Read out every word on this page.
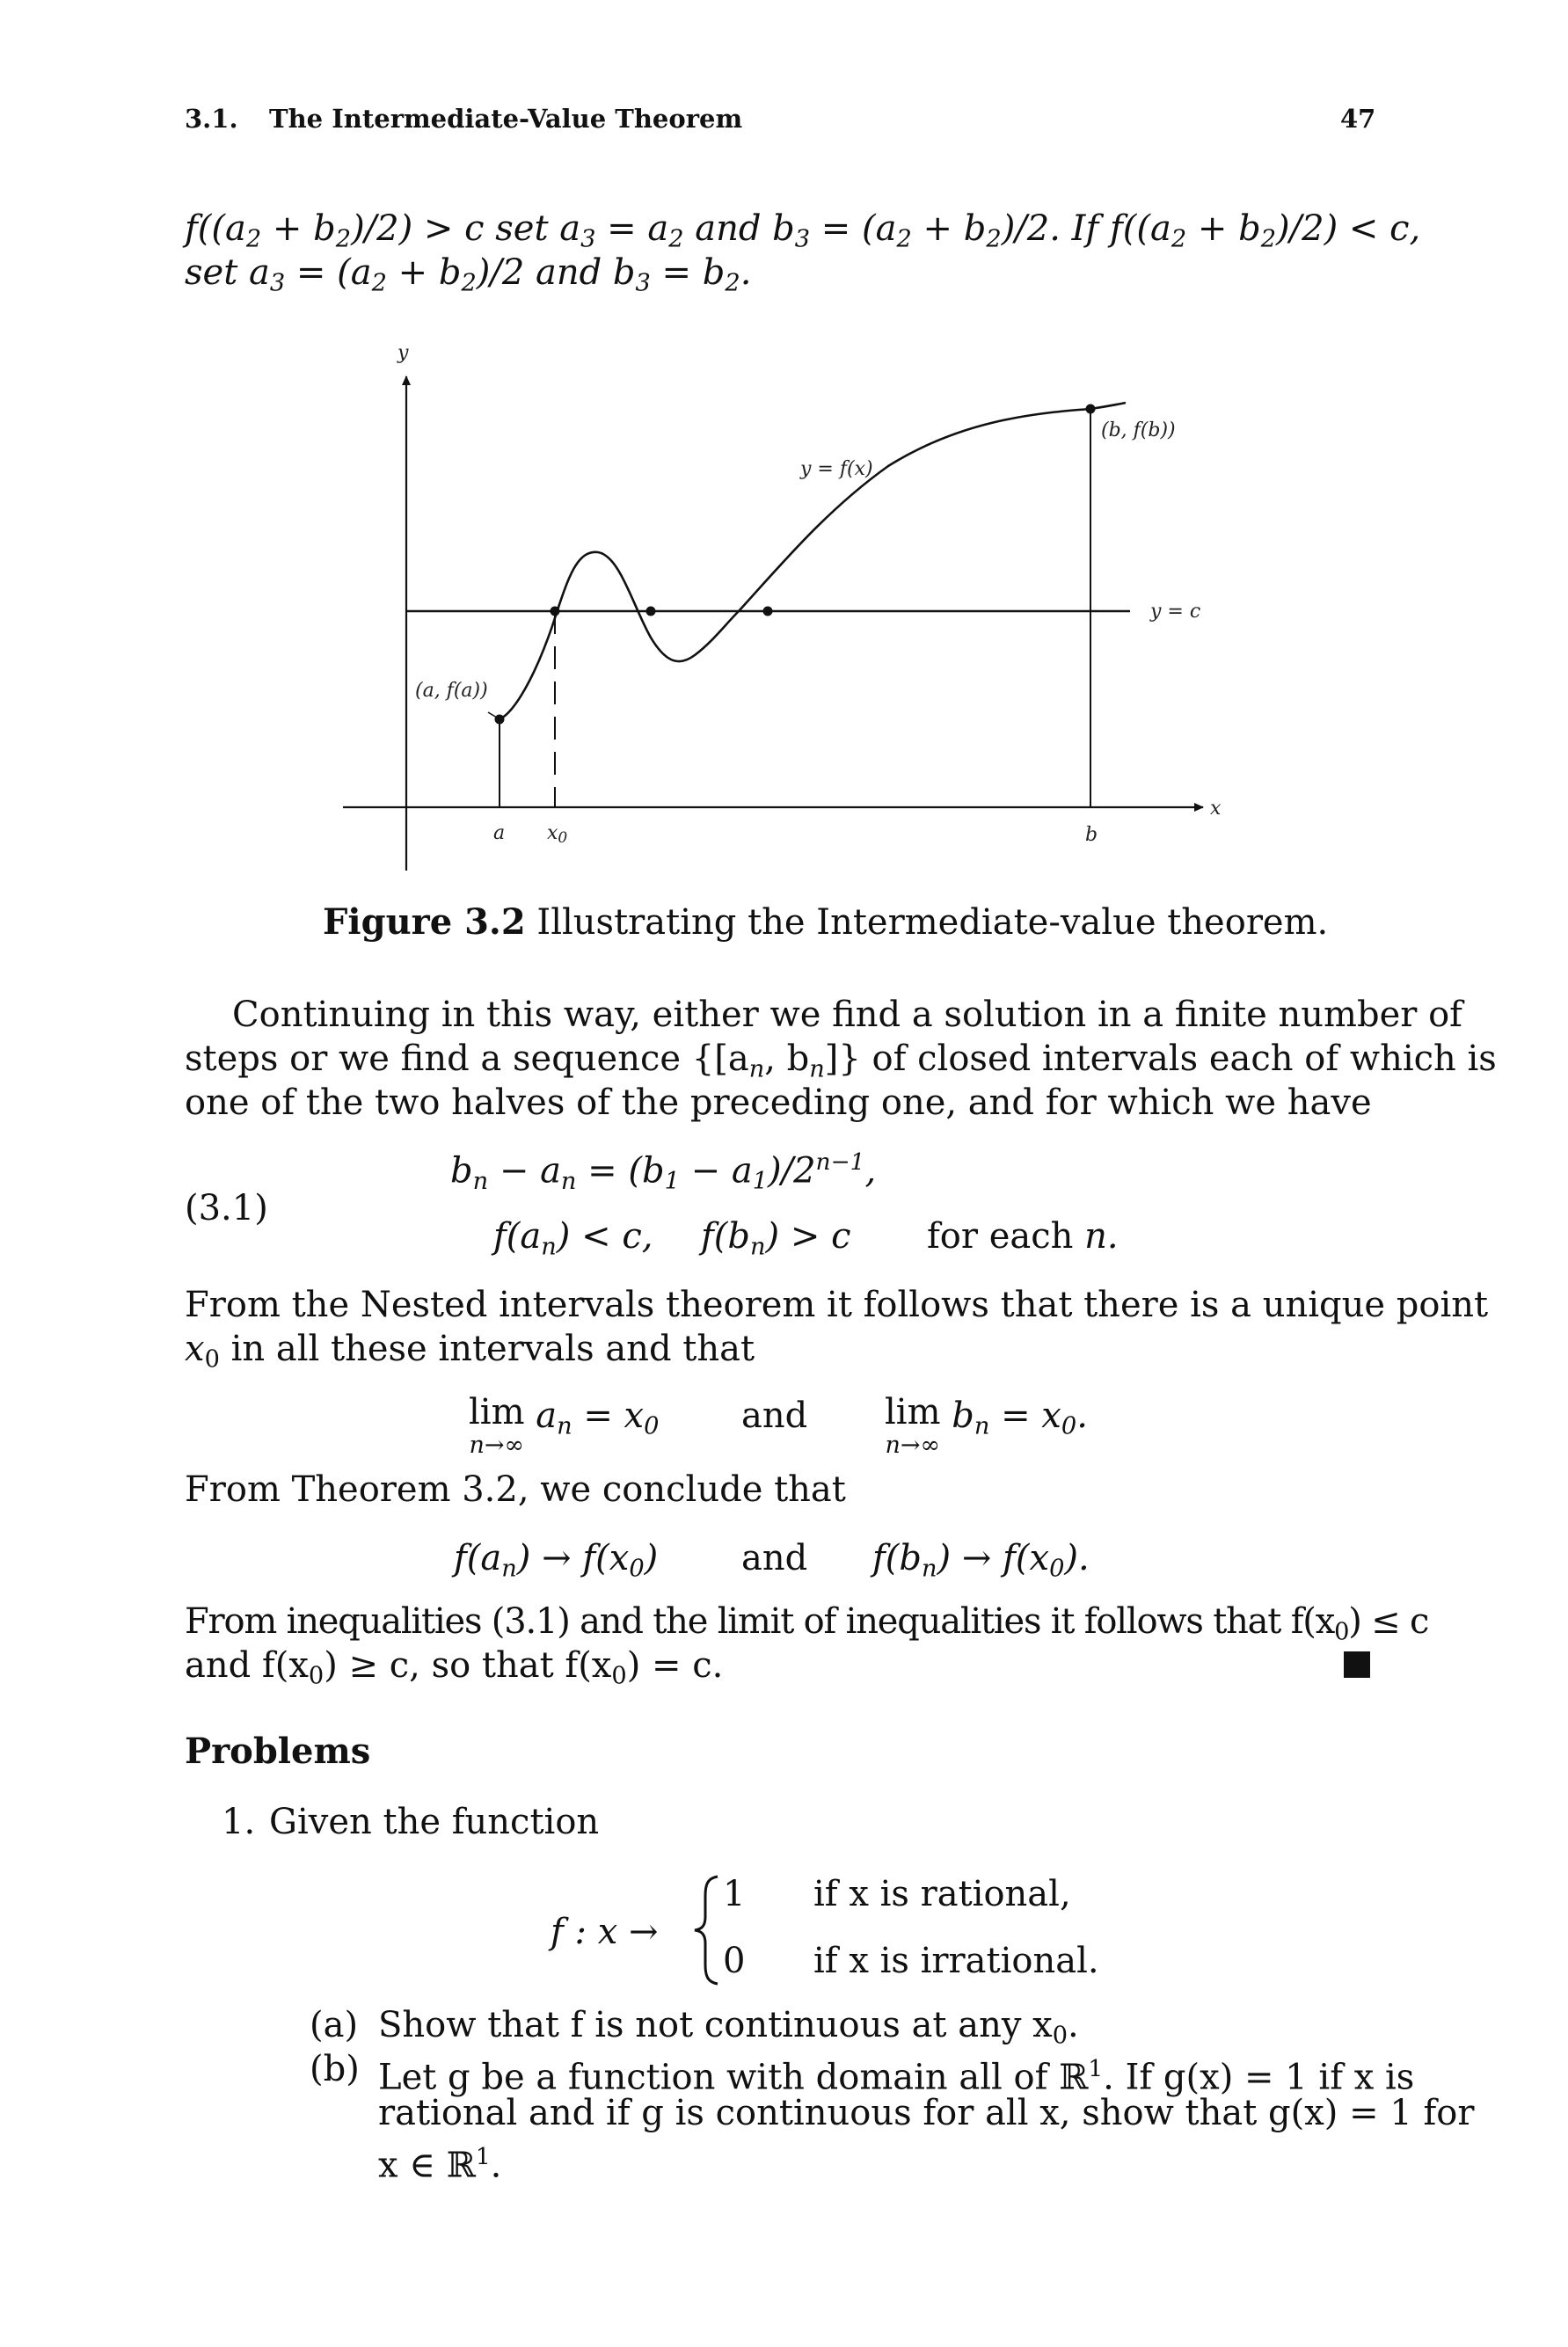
3.1. The Intermediate-Value Theorem	47
$f((a_2 + b_2)/2) > c$ set $a_3 = a_2$ and $b_3 = (a_2 + b_2)/2$. If $f((a_2 + b_2)/2) < c$,
set $a_3 = (a_2 + b_2)/2$ and $b_3 = b_2$.
y
x
y = f(x)
y = c
(a, f(a))
(b, f(b))
a x0	b
Figure 3.2 Illustrating the Intermediate-value theorem.
Continuing in this way, either we find a solution in a finite number of
steps or we find a sequence {[$a_n$, $b_n$]} of closed intervals each of which is
one of the two halves of the preceding one, and for which we have
(3.1)
$b_n - a_n = (b_1 - a_1)/2^{n-1}$,
$f(a_n) < c$, $f(b_n) > c$ for each n.
From the Nested intervals theorem it follows that there is a unique point
$x_0$ in all these intervals and that
lim
n→∞
$a_n = x_0$ and lim
n→∞
$b_n = x_0$.
From Theorem 3.2, we conclude that
$f(a_n) \to f(x_0)$ and $f(b_n) \to f(x_0)$.
From inequalities (3.1) and the limit of inequalities it follows that $f(x_0) \le c$
and $f(x_0) \ge c$, so that $f(x_0) = c$.
Problems
1. Given the function
f : x →
1 if x is rational,
0 if x is irrational.
(a) Show that f is not continuous at any $x_0$.
(b) Let g be a function with domain all of ℝ$^1$. If g(x) = 1 if x is
rational and if g is continuous for all x, show that g(x) = 1 for
x ∈ ℝ$^1$.
